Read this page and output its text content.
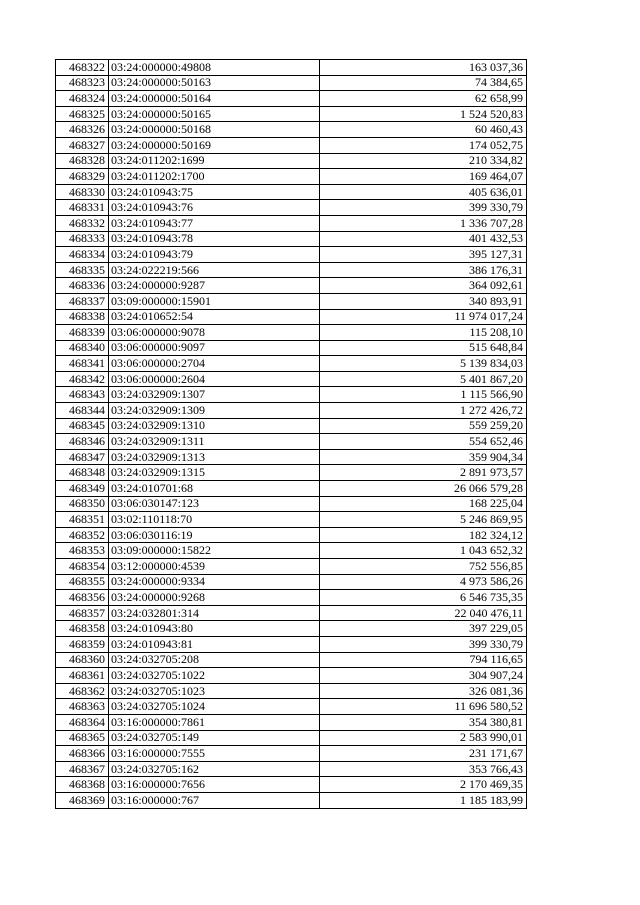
468322	03:24:000000:49808	163 037,36
468323	03:24:000000:50163	74 384,65
468324	03:24:000000:50164	62 658,99
468325	03:24:000000:50165	1 524 520,83
468326	03:24:000000:50168	60 460,43
468327	03:24:000000:50169	174 052,75
468328	03:24:011202:1699	210 334,82
468329	03:24:011202:1700	169 464,07
468330	03:24:010943:75	405 636,01
468331	03:24:010943:76	399 330,79
468332	03:24:010943:77	1 336 707,28
468333	03:24:010943:78	401 432,53
468334	03:24:010943:79	395 127,31
468335	03:24:022219:566	386 176,31
468336	03:24:000000:9287	364 092,61
468337	03:09:000000:15901	340 893,91
468338	03:24:010652:54	11 974 017,24
468339	03:06:000000:9078	115 208,10
468340	03:06:000000:9097	515 648,84
468341	03:06:000000:2704	5 139 834,03
468342	03:06:000000:2604	5 401 867,20
468343	03:24:032909:1307	1 115 566,90
468344	03:24:032909:1309	1 272 426,72
468345	03:24:032909:1310	559 259,20
468346	03:24:032909:1311	554 652,46
468347	03:24:032909:1313	359 904,34
468348	03:24:032909:1315	2 891 973,57
468349	03:24:010701:68	26 066 579,28
468350	03:06:030147:123	168 225,04
468351	03:02:110118:70	5 246 869,95
468352	03:06:030116:19	182 324,12
468353	03:09:000000:15822	1 043 652,32
468354	03:12:000000:4539	752 556,85
468355	03:24:000000:9334	4 973 586,26
468356	03:24:000000:9268	6 546 735,35
468357	03:24:032801:314	22 040 476,11
468358	03:24:010943:80	397 229,05
468359	03:24:010943:81	399 330,79
468360	03:24:032705:208	794 116,65
468361	03:24:032705:1022	304 907,24
468362	03:24:032705:1023	326 081,36
468363	03:24:032705:1024	11 696 580,52
468364	03:16:000000:7861	354 380,81
468365	03:24:032705:149	2 583 990,01
468366	03:16:000000:7555	231 171,67
468367	03:24:032705:162	353 766,43
468368	03:16:000000:7656	2 170 469,35
468369	03:16:000000:767	1 185 183,99
